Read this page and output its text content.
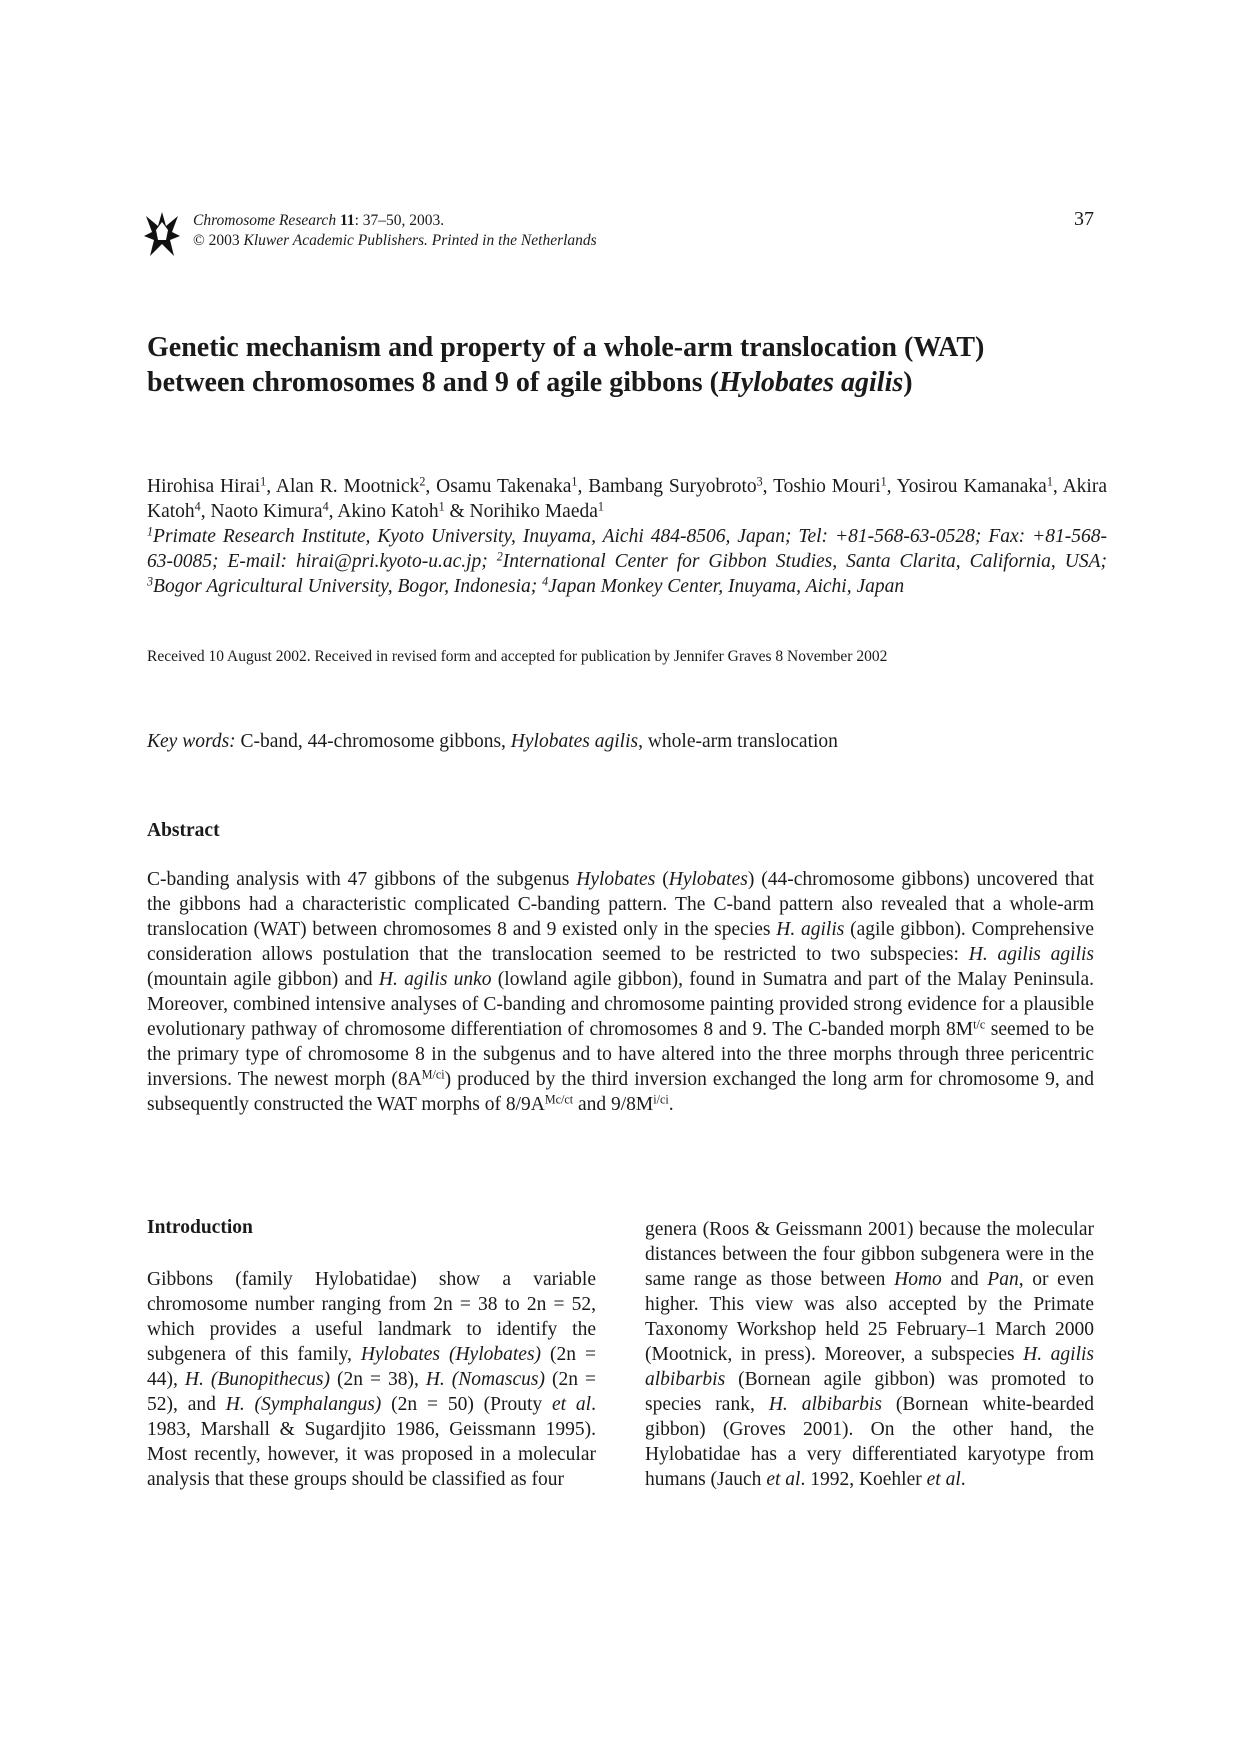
Chromosome Research 11: 37–50, 2003.
© 2003 Kluwer Academic Publishers. Printed in the Netherlands
37
Genetic mechanism and property of a whole-arm translocation (WAT)
between chromosomes 8 and 9 of agile gibbons (Hylobates agilis)

Hirohisa Hirai$^1$, Alan R. Mootnick$^2$, Osamu Takenaka$^1$, Bambang Suryobroto$^3$, Toshio Mouri$^1$, Yosirou Kamanaka$^1$, Akira Katoh$^4$, Naoto Kimura$^4$, Akino Katoh$^1$ & Norihiko Maeda$^1$

$^1$Primate Research Institute, Kyoto University, Inuyama, Aichi 484-8506, Japan; Tel: +81-568-63-0528; Fax: +81-568-63-0085; E-mail: hirai@pri.kyoto-u.ac.jp; $^2$International Center for Gibbon Studies, Santa Clarita, California, USA; $^3$Bogor Agricultural University, Bogor, Indonesia; $^4$Japan Monkey Center, Inuyama, Aichi, Japan

Received 10 August 2002. Received in revised form and accepted for publication by Jennifer Graves 8 November 2002

Key words: C-band, 44-chromosome gibbons, Hylobates agilis, whole-arm translocation

Abstract

C-banding analysis with 47 gibbons of the subgenus Hylobates (Hylobates) (44-chromosome gibbons) uncovered that the gibbons had a characteristic complicated C-banding pattern. The C-band pattern also revealed that a whole-arm translocation (WAT) between chromosomes 8 and 9 existed only in the species H. agilis (agile gibbon). Comprehensive consideration allows postulation that the translocation seemed to be restricted to two subspecies: H. agilis agilis (mountain agile gibbon) and H. agilis unko (lowland agile gibbon), found in Sumatra and part of the Malay Peninsula. Moreover, combined intensive analyses of C-banding and chromosome painting provided strong evidence for a plausible evolutionary pathway of chromosome differentiation of chromosomes 8 and 9. The C-banded morph $8M^{t/c}$ seemed to be the primary type of chromosome 8 in the subgenus and to have altered into the three morphs through three pericentric inversions. The newest morph $(8A^{M/ci})$ produced by the third inversion exchanged the long arm for chromosome 9, and subsequently constructed the WAT morphs of $8/9A^{Mc/ct}$ and $9/8M^{i/ci}$.

Introduction

Gibbons (family Hylobatidae) show a variable chromosome number ranging from 2n = 38 to 2n = 52, which provides a useful landmark to identify the subgenera of this family, Hylobates (Hylobates) (2n = 44), H. (Bunopithecus) (2n = 38), H. (Nomascus) (2n = 52), and H. (Symphalangus) (2n = 50) (Prouty et al. 1983, Marshall & Sugardjito 1986, Geissmann 1995). Most recently, however, it was proposed in a molecular analysis that these groups should be classified as four

genera (Roos & Geissmann 2001) because the molecular distances between the four gibbon subgenera were in the same range as those between Homo and Pan, or even higher. This view was also accepted by the Primate Taxonomy Workshop held 25 February–1 March 2000 (Mootnick, in press). Moreover, a subspecies H. agilis albibarbis (Bornean agile gibbon) was promoted to species rank, H. albibarbis (Bornean white-bearded gibbon) (Groves 2001). On the other hand, the Hylobatidae has a very differentiated karyotype from humans (Jauch et al. 1992, Koehler et al.
